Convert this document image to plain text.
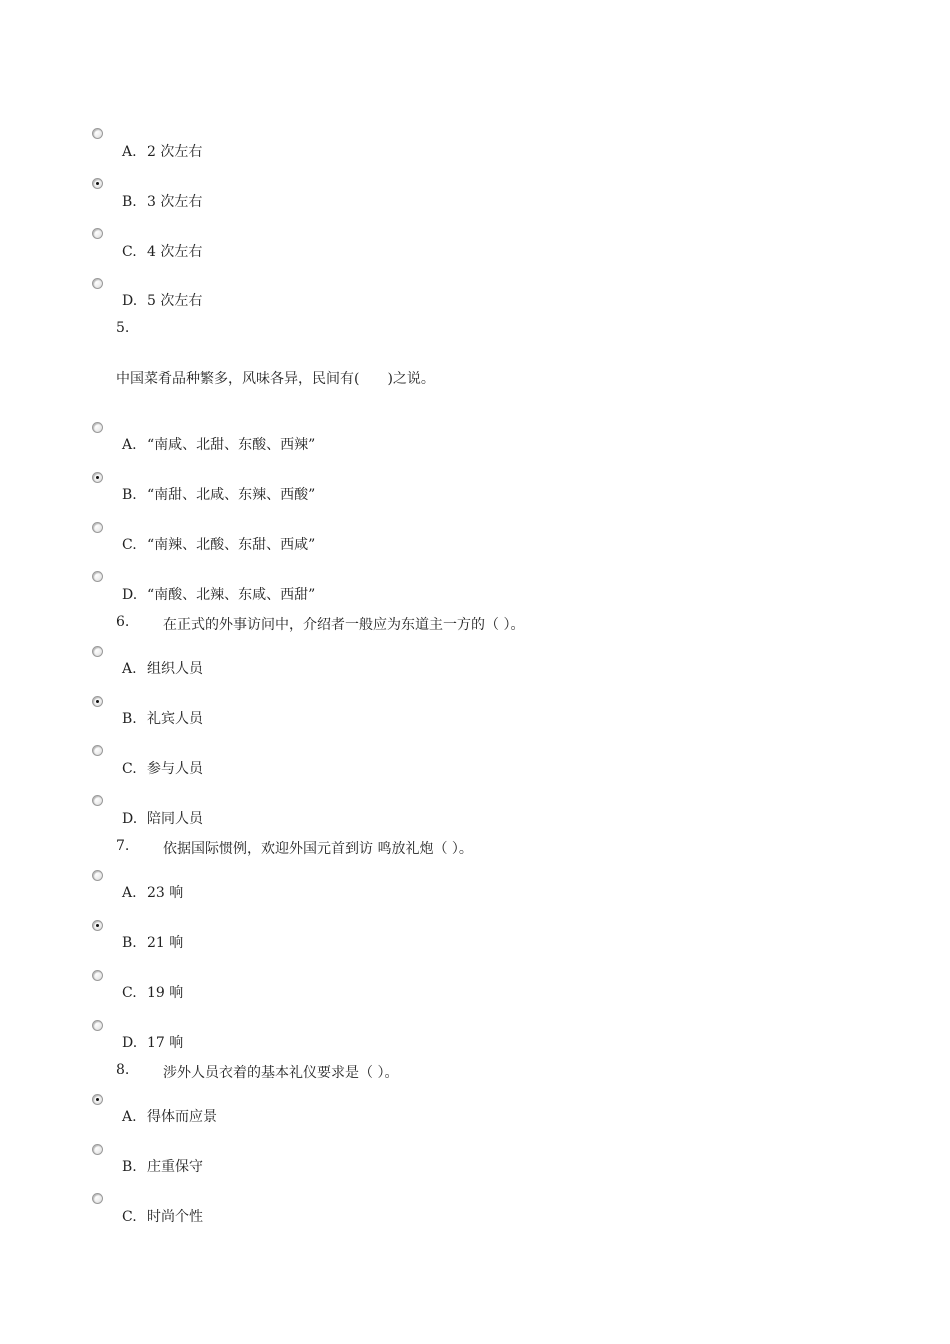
A. 2 次左右
B. 3 次左右
C. 4 次左右
D. 5 次左右
5.
中国菜肴品种繁多，风味各异，民间有(　　)之说。
A. “南咸、北甜、东酸、西辣”
B. “南甜、北咸、东辣、西酸”
C. “南辣、北酸、东甜、西咸”
D. “南酸、北辣、东咸、西甜”
6. 在正式的外事访问中，介绍者一般应为东道主一方的（ ）。
A. 组织人员
B. 礼宾人员
C. 参与人员
D. 陪同人员
7. 依据国际惯例，欢迎外国元首到访 鸣放礼炮（ ）。
A. 23 响
B. 21 响
C. 19 响
D. 17 响
8. 涉外人员衣着的基本礼仪要求是（ ）。
A. 得体而应景
B. 庄重保守
C. 时尚个性
